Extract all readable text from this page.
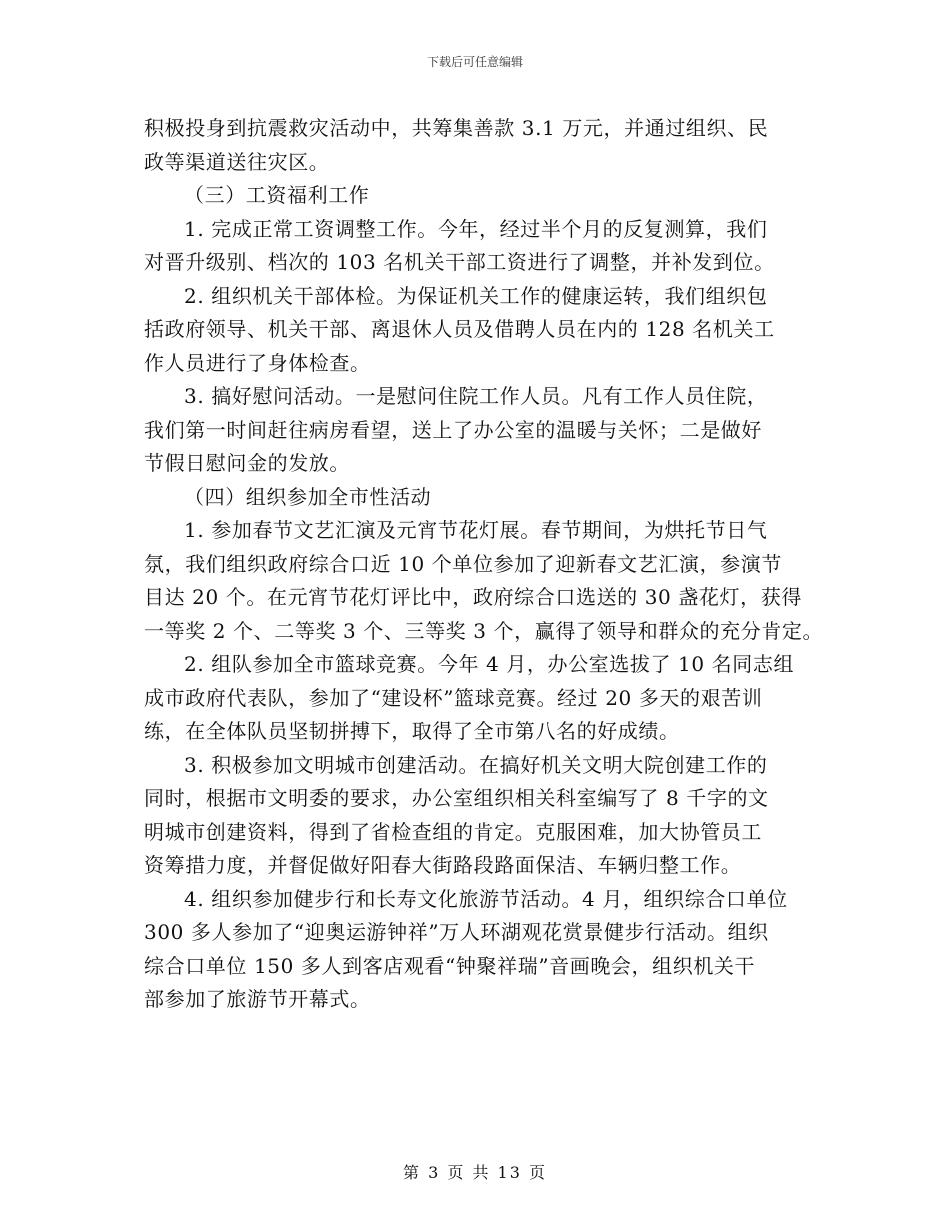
下载后可任意编辑
积极投身到抗震救灾活动中，共筹集善款 3.1 万元，并通过组织、民
政等渠道送往灾区。
（三）工资福利工作
1. 完成正常工资调整工作。今年，经过半个月的反复测算，我们
对晋升级别、档次的 103 名机关干部工资进行了调整，并补发到位。
2. 组织机关干部体检。为保证机关工作的健康运转，我们组织包
括政府领导、机关干部、离退休人员及借聘人员在内的 128 名机关工
作人员进行了身体检查。
3. 搞好慰问活动。一是慰问住院工作人员。凡有工作人员住院，
我们第一时间赶往病房看望，送上了办公室的温暖与关怀；二是做好
节假日慰问金的发放。
（四）组织参加全市性活动
1. 参加春节文艺汇演及元宵节花灯展。春节期间，为烘托节日气
氛，我们组织政府综合口近 10 个单位参加了迎新春文艺汇演，参演节
目达 20 个。在元宵节花灯评比中，政府综合口选送的 30 盏花灯，获得
一等奖 2 个、二等奖 3 个、三等奖 3 个，赢得了领导和群众的充分肯定。
2. 组队参加全市篮球竞赛。今年 4 月，办公室选拔了 10 名同志组
成市政府代表队，参加了“建设杯”篮球竞赛。经过 20 多天的艰苦训
练，在全体队员坚韧拼搏下，取得了全市第八名的好成绩。
3. 积极参加文明城市创建活动。在搞好机关文明大院创建工作的
同时，根据市文明委的要求，办公室组织相关科室编写了 8 千字的文
明城市创建资料，得到了省检查组的肯定。克服困难，加大协管员工
资筹措力度，并督促做好阳春大街路段路面保洁、车辆归整工作。
4. 组织参加健步行和长寿文化旅游节活动。4 月，组织综合口单位
300 多人参加了“迎奥运游钟祥”万人环湖观花赏景健步行活动。组织
综合口单位 150 多人到客店观看“钟聚祥瑞”音画晚会，组织机关干
部参加了旅游节开幕式。
第 3 页 共 13 页
